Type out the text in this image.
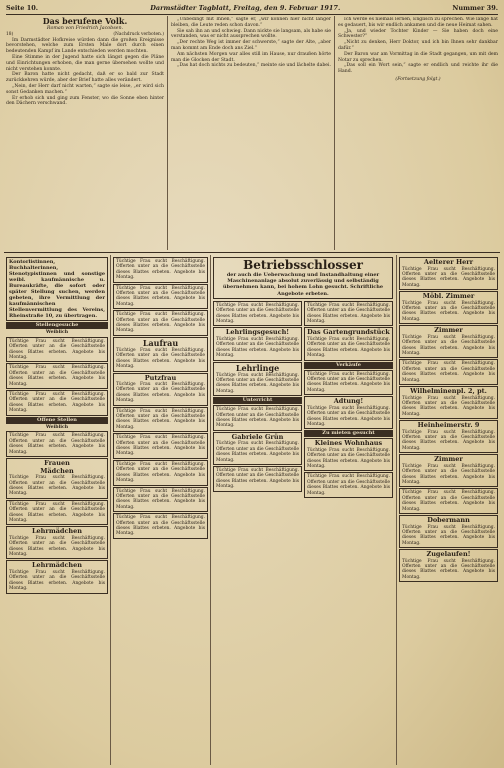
Seite 10.	Darmstädter Tagblatt, Freitag, den 9. Februar 1917.	Nummer 39.
Das berufene Volk.
Roman von Friedrich Jacobsen.
18)	(Nachdruck verboten.)

Im Darmstädter Hofkreise würden dann die großen Ereignisse bevorstehen, welche zum Ersten Male dort durch einen bedeutenden Kampf im Lande entschieden werden mochten.

Eine Stimme in der Jugend hatte sich längst gegen die Pläne und Einrichtungen erhoben, die man gerne übersehen wollte und nicht verstehen konnte.

Der Baron hatte nicht gedacht, daß er so bald zur Stadt zurückkehren würde, aber der Brief hatte alles verändert.

„Nein, der Herr darf nicht warten,“ sagte sie leise, „er wird sich sonst Gedanken machen.“

Er erhob sich und ging zum Fenster, wo die Sonne eben hinter den Dächern verschwand.

„Unbedingt mit Ihnen,“ sagte er, „wir können hier nicht länger bleiben, die Leute reden schon davon.“

Sie sah ihn an und schwieg. Dann nickte sie langsam, als habe sie verstanden, was er nicht aussprechen wollte.

„Der rechte Weg ist immer der schwerste,“ sagte der Alte, „aber man kommt am Ende doch ans Ziel.“

Am nächsten Morgen war alles still im Hause, nur draußen hörte man die Glocken der Stadt.

„Das hat doch nichts zu bedeuten,“ meinte sie und lächelte dabei.

Ich werde es niemals lernen, Englisch zu sprechen. Wie lange hat es gedauert, bis wir endlich ankamen und die neue Heimat sahen.

„Ja, und wieder Tochter Kinder — Sie haben doch eine Schwester?“

„Nicht zu denken, Herr Doktor, und ich bin Ihnen sehr dankbar dafür.“

Der Baron war am Vormittag in die Stadt gegangen, um mit dem Notar zu sprechen.

„Das soll ein Wort sein,“ sagte er endlich und reichte ihr die Hand.

(Fortsetzung folgt.)
Kontorlistinnen, Buchhalterinnen, Stenotypistinnen und sonstige weibl. kaufmännische u. Bureaukräfte, die sofort oder später Stellung suchen, werden gebeten, ihre Vermittlung der kaufmännischen Stellenvermittlung des Vereins, Rheinstraße 10, zu übertragen.
Stellengesuche
Weiblich
Tüchtige Frau sucht Beschäftigung. Offerten unter an die Geschäftsstelle dieses Blattes erbeten. Angebote bis Montag.
Tüchtige Frau sucht Beschäftigung. Offerten unter an die Geschäftsstelle dieses Blattes erbeten. Angebote bis Montag.
Tüchtige Frau sucht Beschäftigung. Offerten unter an die Geschäftsstelle dieses Blattes erbeten. Angebote bis Montag.
Offene Stellen
Weiblich
Tüchtige Frau sucht Beschäftigung. Offerten unter an die Geschäftsstelle dieses Blattes erbeten. Angebote bis Montag.
Frauen
Mädchen
Tüchtige Frau sucht Beschäftigung. Offerten unter an die Geschäftsstelle dieses Blattes erbeten. Angebote bis Montag.
Tüchtige Frau sucht Beschäftigung. Offerten unter an die Geschäftsstelle dieses Blattes erbeten. Angebote bis Montag.
Lehrmädchen
Tüchtige Frau sucht Beschäftigung. Offerten unter an die Geschäftsstelle dieses Blattes erbeten. Angebote bis Montag.
Lehrmädchen
Tüchtige Frau sucht Beschäftigung. Offerten unter an die Geschäftsstelle dieses Blattes erbeten. Angebote bis Montag.
Tüchtige Frau sucht Beschäftigung. Offerten unter an die Geschäftsstelle dieses Blattes erbeten. Angebote bis Montag.
Tüchtige Frau sucht Beschäftigung. Offerten unter an die Geschäftsstelle dieses Blattes erbeten. Angebote bis Montag.
Tüchtige Frau sucht Beschäftigung. Offerten unter an die Geschäftsstelle dieses Blattes erbeten. Angebote bis Montag.
Laufrau
Tüchtige Frau sucht Beschäftigung. Offerten unter an die Geschäftsstelle dieses Blattes erbeten. Angebote bis Montag.
Putzfrau
Tüchtige Frau sucht Beschäftigung. Offerten unter an die Geschäftsstelle dieses Blattes erbeten. Angebote bis Montag.
Tüchtige Frau sucht Beschäftigung. Offerten unter an die Geschäftsstelle dieses Blattes erbeten. Angebote bis Montag.
Tüchtige Frau sucht Beschäftigung. Offerten unter an die Geschäftsstelle dieses Blattes erbeten. Angebote bis Montag.
Tüchtige Frau sucht Beschäftigung. Offerten unter an die Geschäftsstelle dieses Blattes erbeten. Angebote bis Montag.
Tüchtige Frau sucht Beschäftigung. Offerten unter an die Geschäftsstelle dieses Blattes erbeten. Angebote bis Montag.
Tüchtige Frau sucht Beschäftigung. Offerten unter an die Geschäftsstelle dieses Blattes erbeten. Angebote bis Montag.
Betriebsschlosser
der auch die Ueberwachung und Instandhaltung einer Maschinenanlage absolut zuverlässig und selbständig übernehmen kann, bei hohem Lohn gesucht. Schriftliche Angebote erbeten.
Tüchtige Frau sucht Beschäftigung. Offerten unter an die Geschäftsstelle dieses Blattes erbeten. Angebote bis Montag.
Lehrlingsgesuch!
Tüchtige Frau sucht Beschäftigung. Offerten unter an die Geschäftsstelle dieses Blattes erbeten. Angebote bis Montag.
Lehrlinge
Tüchtige Frau sucht Beschäftigung. Offerten unter an die Geschäftsstelle dieses Blattes erbeten. Angebote bis Montag.
Unterricht
Tüchtige Frau sucht Beschäftigung. Offerten unter an die Geschäftsstelle dieses Blattes erbeten. Angebote bis Montag.
Gabriele Grün
Tüchtige Frau sucht Beschäftigung. Offerten unter an die Geschäftsstelle dieses Blattes erbeten. Angebote bis Montag.
Tüchtige Frau sucht Beschäftigung. Offerten unter an die Geschäftsstelle dieses Blattes erbeten. Angebote bis Montag.
Tüchtige Frau sucht Beschäftigung. Offerten unter an die Geschäftsstelle dieses Blattes erbeten. Angebote bis Montag.
Das Gartengrundstück
Tüchtige Frau sucht Beschäftigung. Offerten unter an die Geschäftsstelle dieses Blattes erbeten. Angebote bis Montag.
Verkäufe
Tüchtige Frau sucht Beschäftigung. Offerten unter an die Geschäftsstelle dieses Blattes erbeten. Angebote bis Montag.
Adtung!
Tüchtige Frau sucht Beschäftigung. Offerten unter an die Geschäftsstelle dieses Blattes erbeten. Angebote bis Montag.
Zu mieten gesucht
Kleines Wohnhaus
Tüchtige Frau sucht Beschäftigung. Offerten unter an die Geschäftsstelle dieses Blattes erbeten. Angebote bis Montag.
Tüchtige Frau sucht Beschäftigung. Offerten unter an die Geschäftsstelle dieses Blattes erbeten. Angebote bis Montag.
Aelterer Herr
Tüchtige Frau sucht Beschäftigung. Offerten unter an die Geschäftsstelle dieses Blattes erbeten. Angebote bis Montag.
Möbl. Zimmer
Tüchtige Frau sucht Beschäftigung. Offerten unter an die Geschäftsstelle dieses Blattes erbeten. Angebote bis Montag.
Zimmer
Tüchtige Frau sucht Beschäftigung. Offerten unter an die Geschäftsstelle dieses Blattes erbeten. Angebote bis Montag.
Tüchtige Frau sucht Beschäftigung. Offerten unter an die Geschäftsstelle dieses Blattes erbeten. Angebote bis Montag.
Wilhelminenpl. 2, pt.
Tüchtige Frau sucht Beschäftigung. Offerten unter an die Geschäftsstelle dieses Blattes erbeten. Angebote bis Montag.
Heinheimerstr. 9
Tüchtige Frau sucht Beschäftigung. Offerten unter an die Geschäftsstelle dieses Blattes erbeten. Angebote bis Montag.
Zimmer
Tüchtige Frau sucht Beschäftigung. Offerten unter an die Geschäftsstelle dieses Blattes erbeten. Angebote bis Montag.
Tüchtige Frau sucht Beschäftigung. Offerten unter an die Geschäftsstelle dieses Blattes erbeten. Angebote bis Montag.
Dobermann
Tüchtige Frau sucht Beschäftigung. Offerten unter an die Geschäftsstelle dieses Blattes erbeten. Angebote bis Montag.
Zugelaufen!
Tüchtige Frau sucht Beschäftigung. Offerten unter an die Geschäftsstelle dieses Blattes erbeten. Angebote bis Montag.
